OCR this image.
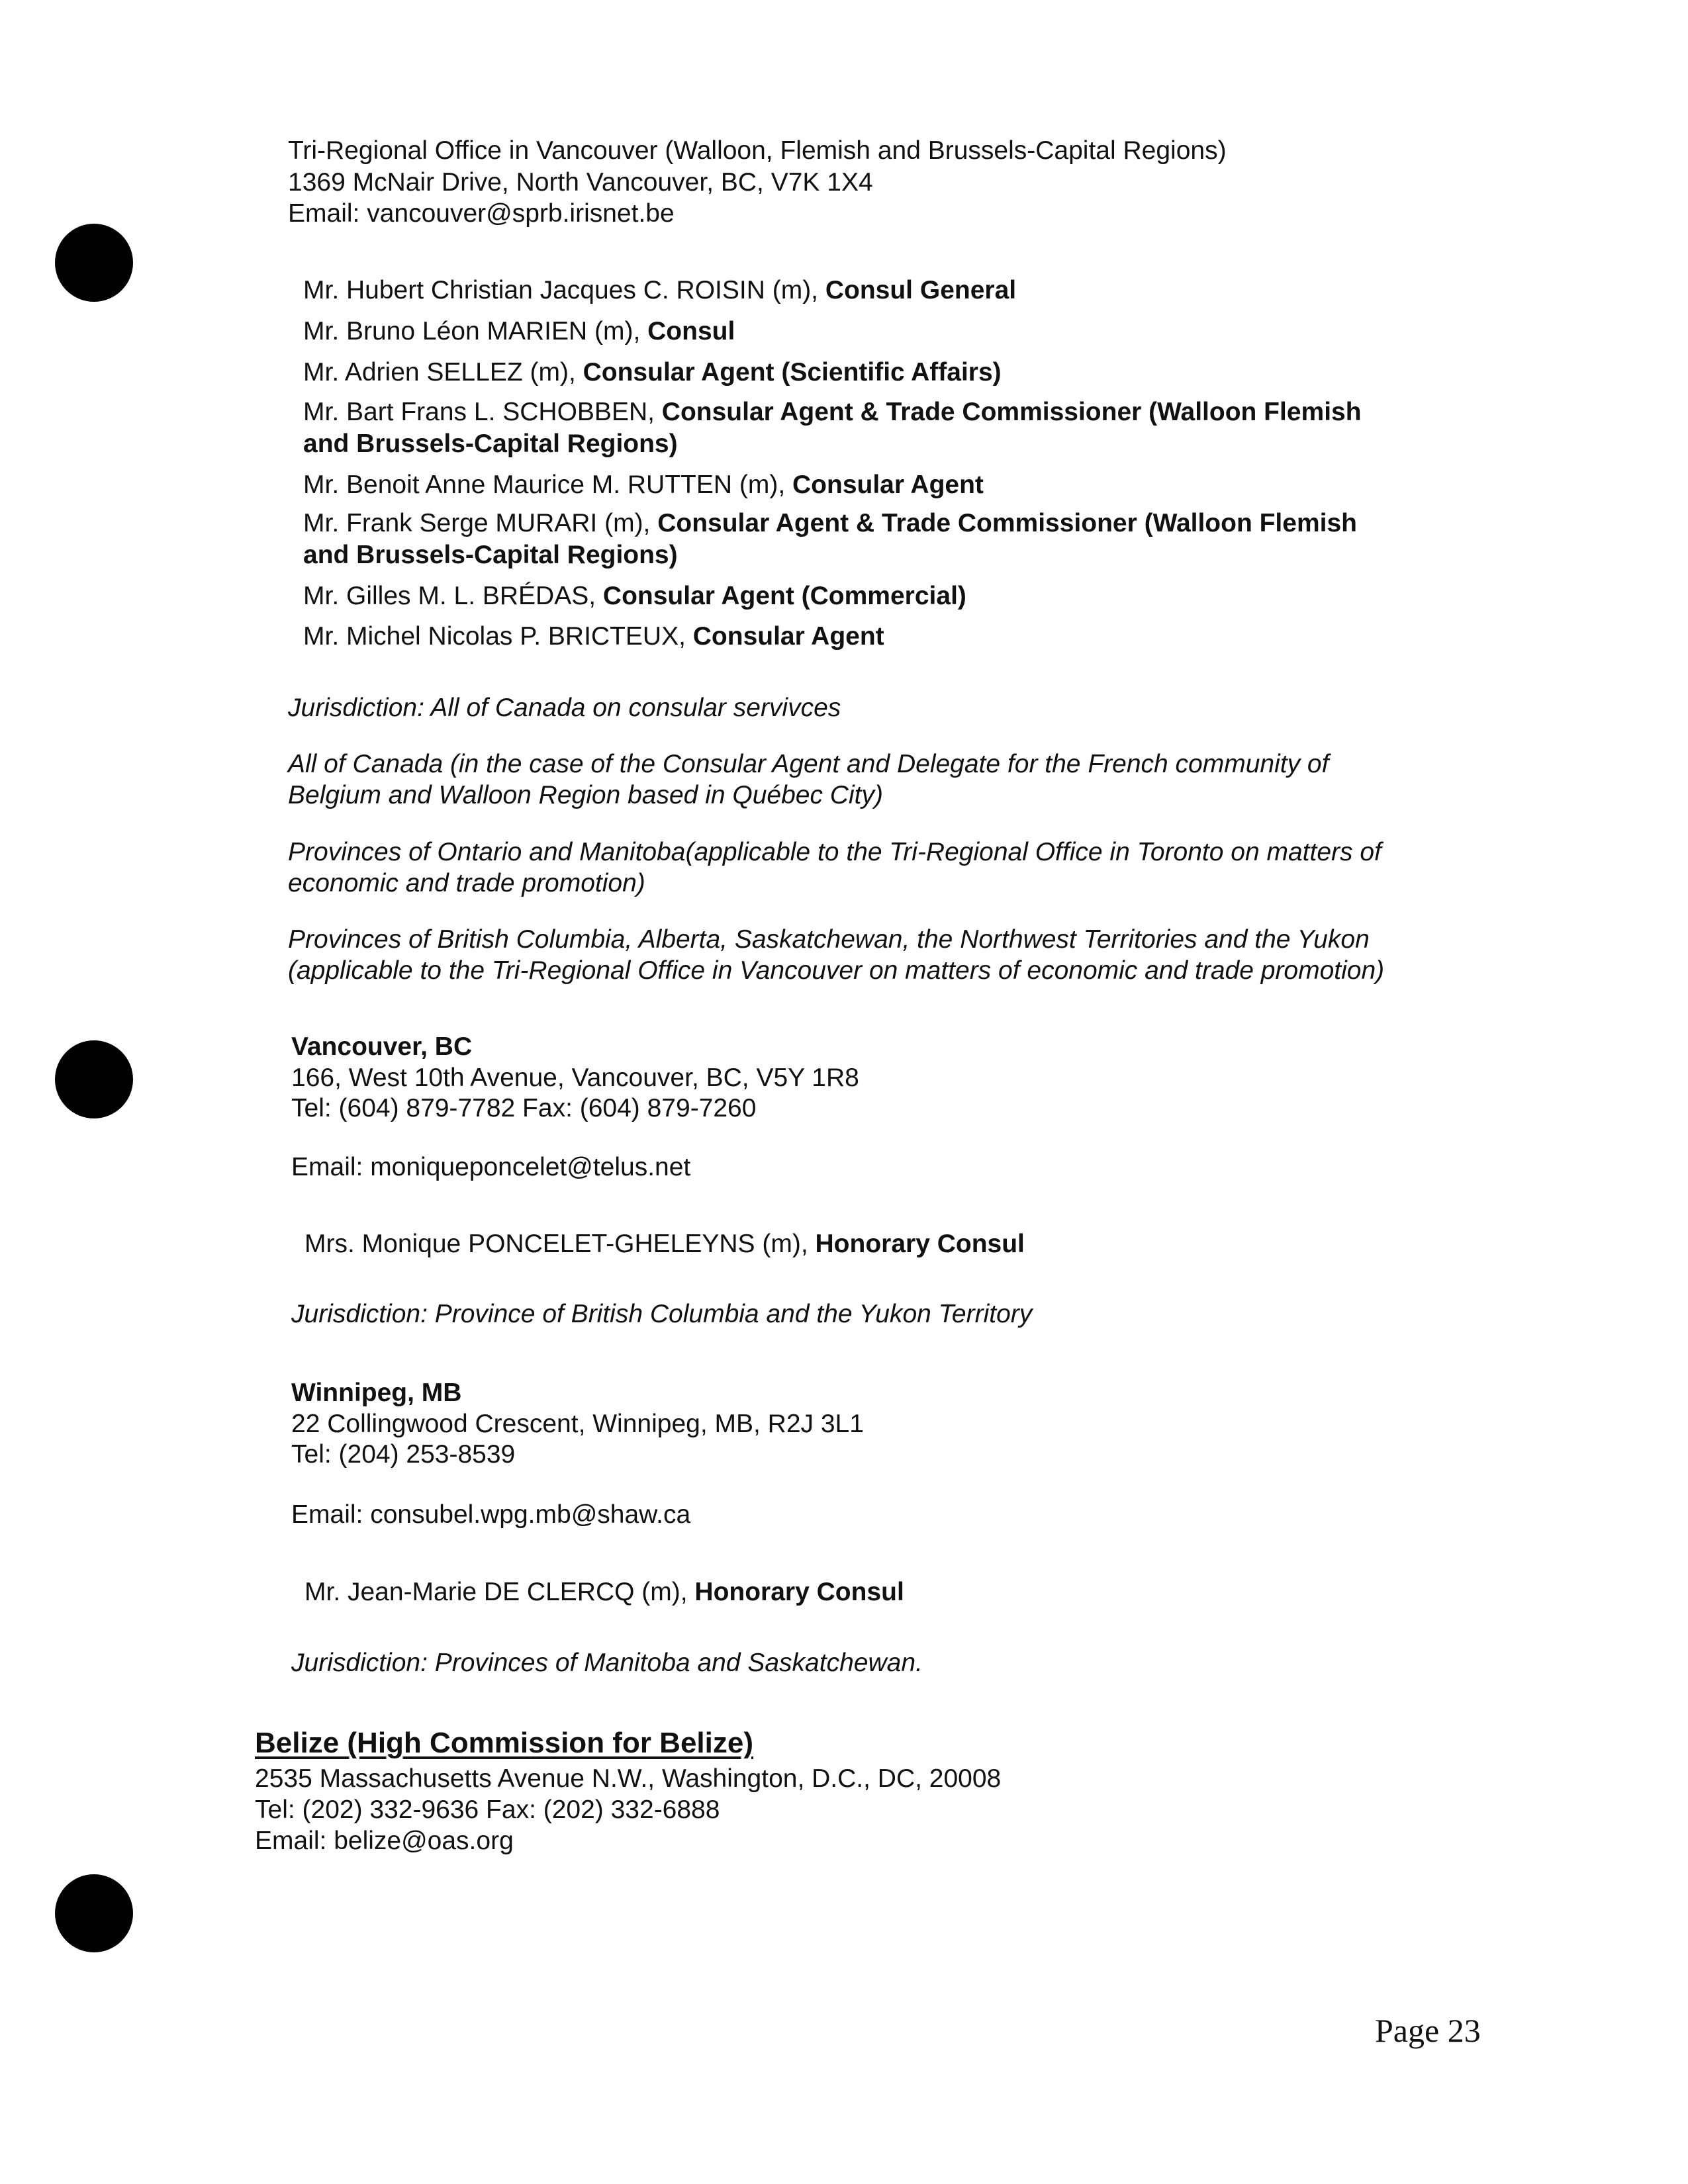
Tri-Regional Office in Vancouver (Walloon, Flemish and Brussels-Capital Regions)
1369 McNair Drive, North Vancouver, BC, V7K 1X4
Email: vancouver@sprb.irisnet.be
Mr. Hubert Christian Jacques C. ROISIN (m), Consul General
Mr. Bruno Léon MARIEN (m), Consul
Mr. Adrien SELLEZ (m), Consular Agent (Scientific Affairs)
Mr. Bart Frans L. SCHOBBEN, Consular Agent & Trade Commissioner (Walloon Flemish
and Brussels-Capital Regions)
Mr. Benoit Anne Maurice M. RUTTEN (m), Consular Agent
Mr. Frank Serge MURARI (m), Consular Agent & Trade Commissioner (Walloon Flemish
and Brussels-Capital Regions)
Mr. Gilles M. L. BRÉDAS, Consular Agent (Commercial)
Mr. Michel Nicolas P. BRICTEUX, Consular Agent
Jurisdiction: All of Canada on consular servivces
All of Canada (in the case of the Consular Agent and Delegate for the French community of
Belgium and Walloon Region based in Québec City)
Provinces of Ontario and Manitoba(applicable to the Tri-Regional Office in Toronto on matters of
economic and trade promotion)
Provinces of British Columbia, Alberta, Saskatchewan, the Northwest Territories and the Yukon
(applicable to the Tri-Regional Office in Vancouver on matters of economic and trade promotion)
Vancouver, BC
166, West 10th Avenue, Vancouver, BC, V5Y 1R8
Tel: (604) 879-7782 Fax: (604) 879-7260
Email: moniqueponcelet@telus.net
Mrs. Monique PONCELET-GHELEYNS (m), Honorary Consul
Jurisdiction: Province of British Columbia and the Yukon Territory
Winnipeg, MB
22 Collingwood Crescent, Winnipeg, MB, R2J 3L1
Tel: (204) 253-8539
Email: consubel.wpg.mb@shaw.ca
Mr. Jean-Marie DE CLERCQ (m), Honorary Consul
Jurisdiction: Provinces of Manitoba and Saskatchewan.
Belize (High Commission for Belize)
2535 Massachusetts Avenue N.W., Washington, D.C., DC, 20008
Tel: (202) 332-9636 Fax: (202) 332-6888
Email: belize@oas.org
Page 23
